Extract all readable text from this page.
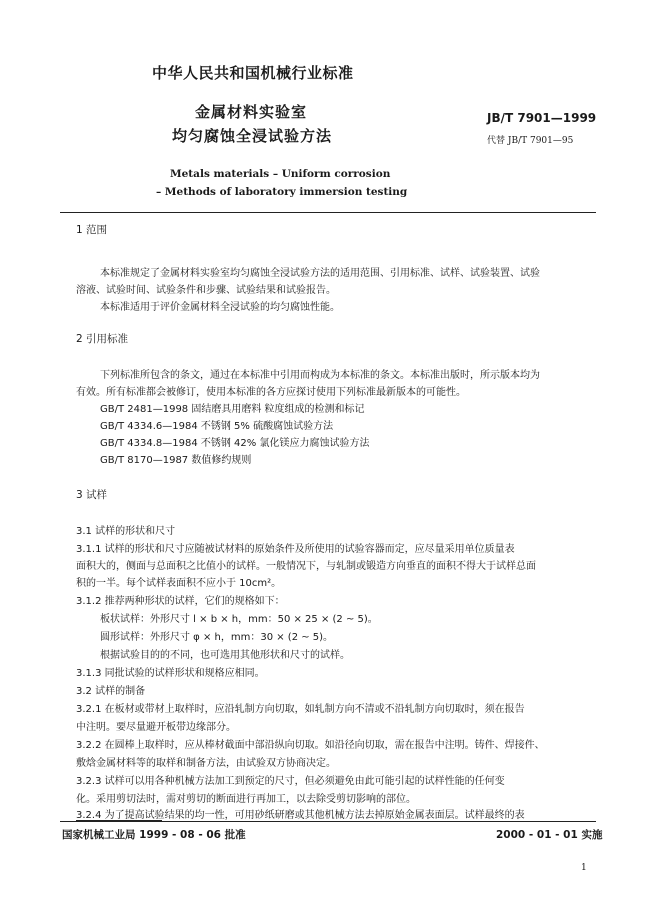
中华人民共和国机械行业标准
金属材料实验室
均匀腐蚀全浸试验方法
JB/T 7901—1999
代替 JB/T 7901—95
Metals materials – Uniform corrosion
– Methods of laboratory immersion testing
1 范围
本标准规定了金属材料实验室均匀腐蚀全浸试验方法的适用范围、引用标准、试样、试验装置、试验
溶液、试验时间、试验条件和步骤、试验结果和试验报告。
本标准适用于评价金属材料全浸试验的均匀腐蚀性能。
2 引用标准
下列标准所包含的条文，通过在本标准中引用而构成为本标准的条文。本标准出版时，所示版本均为
有效。所有标准都会被修订，使用本标准的各方应探讨使用下列标准最新版本的可能性。
GB/T 2481—1998 固结磨具用磨料 粒度组成的检测和标记
GB/T 4334.6—1984 不锈钢 5% 硫酸腐蚀试验方法
GB/T 4334.8—1984 不锈钢 42% 氯化镁应力腐蚀试验方法
GB/T 8170—1987 数值修约规则
3 试样
3.1 试样的形状和尺寸
3.1.1 试样的形状和尺寸应随被试材料的原始条件及所使用的试验容器而定，应尽量采用单位质量表
面积大的，侧面与总面积之比值小的试样。一般情况下，与轧制或锻造方向垂直的面积不得大于试样总面
积的一半。每个试样表面积不应小于 10cm²。
3.1.2 推荐两种形状的试样，它们的规格如下：
板状试样：外形尺寸 l × b × h，mm：50 × 25 × (2 ~ 5)。
圆形试样：外形尺寸 φ × h，mm：30 × (2 ~ 5)。
根据试验目的的不同，也可选用其他形状和尺寸的试样。
3.1.3 同批试验的试样形状和规格应相同。
3.2 试样的制备
3.2.1 在板材或带材上取样时，应沿轧制方向切取，如轧制方向不清或不沿轧制方向切取时，须在报告
中注明。要尽量避开板带边缘部分。
3.2.2 在圆棒上取样时，应从棒材截面中部沿纵向切取。如沿径向切取，需在报告中注明。铸件、焊接件、
敷焓金属材料等的取样和制备方法，由试验双方协商决定。
3.2.3 试样可以用各种机械方法加工到预定的尺寸，但必须避免由此可能引起的试样性能的任何变
化。采用剪切法时，需对剪切的断面进行再加工，以去除受剪切影响的部位。
3.2.4 为了提高试验结果的均一性，可用砂纸研磨或其他机械方法去掉原始金属表面层。试样最终的表
国家机械工业局 1999 - 08 - 06 批准	2000 - 01 - 01 实施
1
